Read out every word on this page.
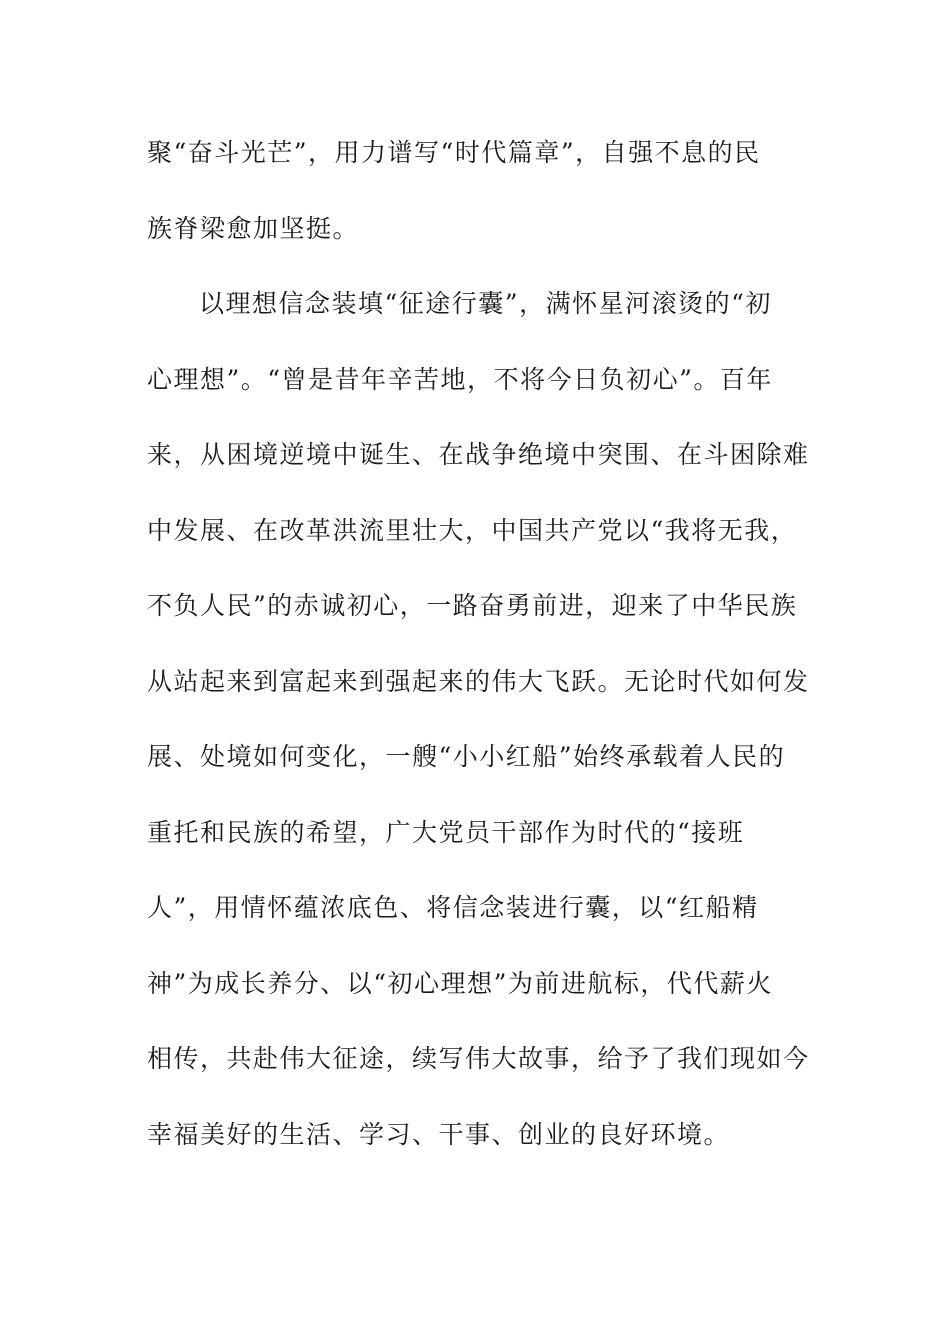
聚“奋斗光芒”，用力谱写“时代篇章”，自强不息的民
族脊梁愈加坚挺。
以理想信念装填“征途行囊”，满怀星河滚烫的“初
心理想”。“曾是昔年辛苦地，不将今日负初心”。百年
来，从困境逆境中诞生、在战争绝境中突围、在斗困除难
中发展、在改革洪流里壮大，中国共产党以“我将无我，
不负人民”的赤诚初心，一路奋勇前进，迎来了中华民族
从站起来到富起来到强起来的伟大飞跃。无论时代如何发
展、处境如何变化，一艘“小小红船”始终承载着人民的
重托和民族的希望，广大党员干部作为时代的“接班
人”，用情怀蕴浓底色、将信念装进行囊，以“红船精
神”为成长养分、以“初心理想”为前进航标，代代薪火
相传，共赴伟大征途，续写伟大故事，给予了我们现如今
幸福美好的生活、学习、干事、创业的良好环境。
